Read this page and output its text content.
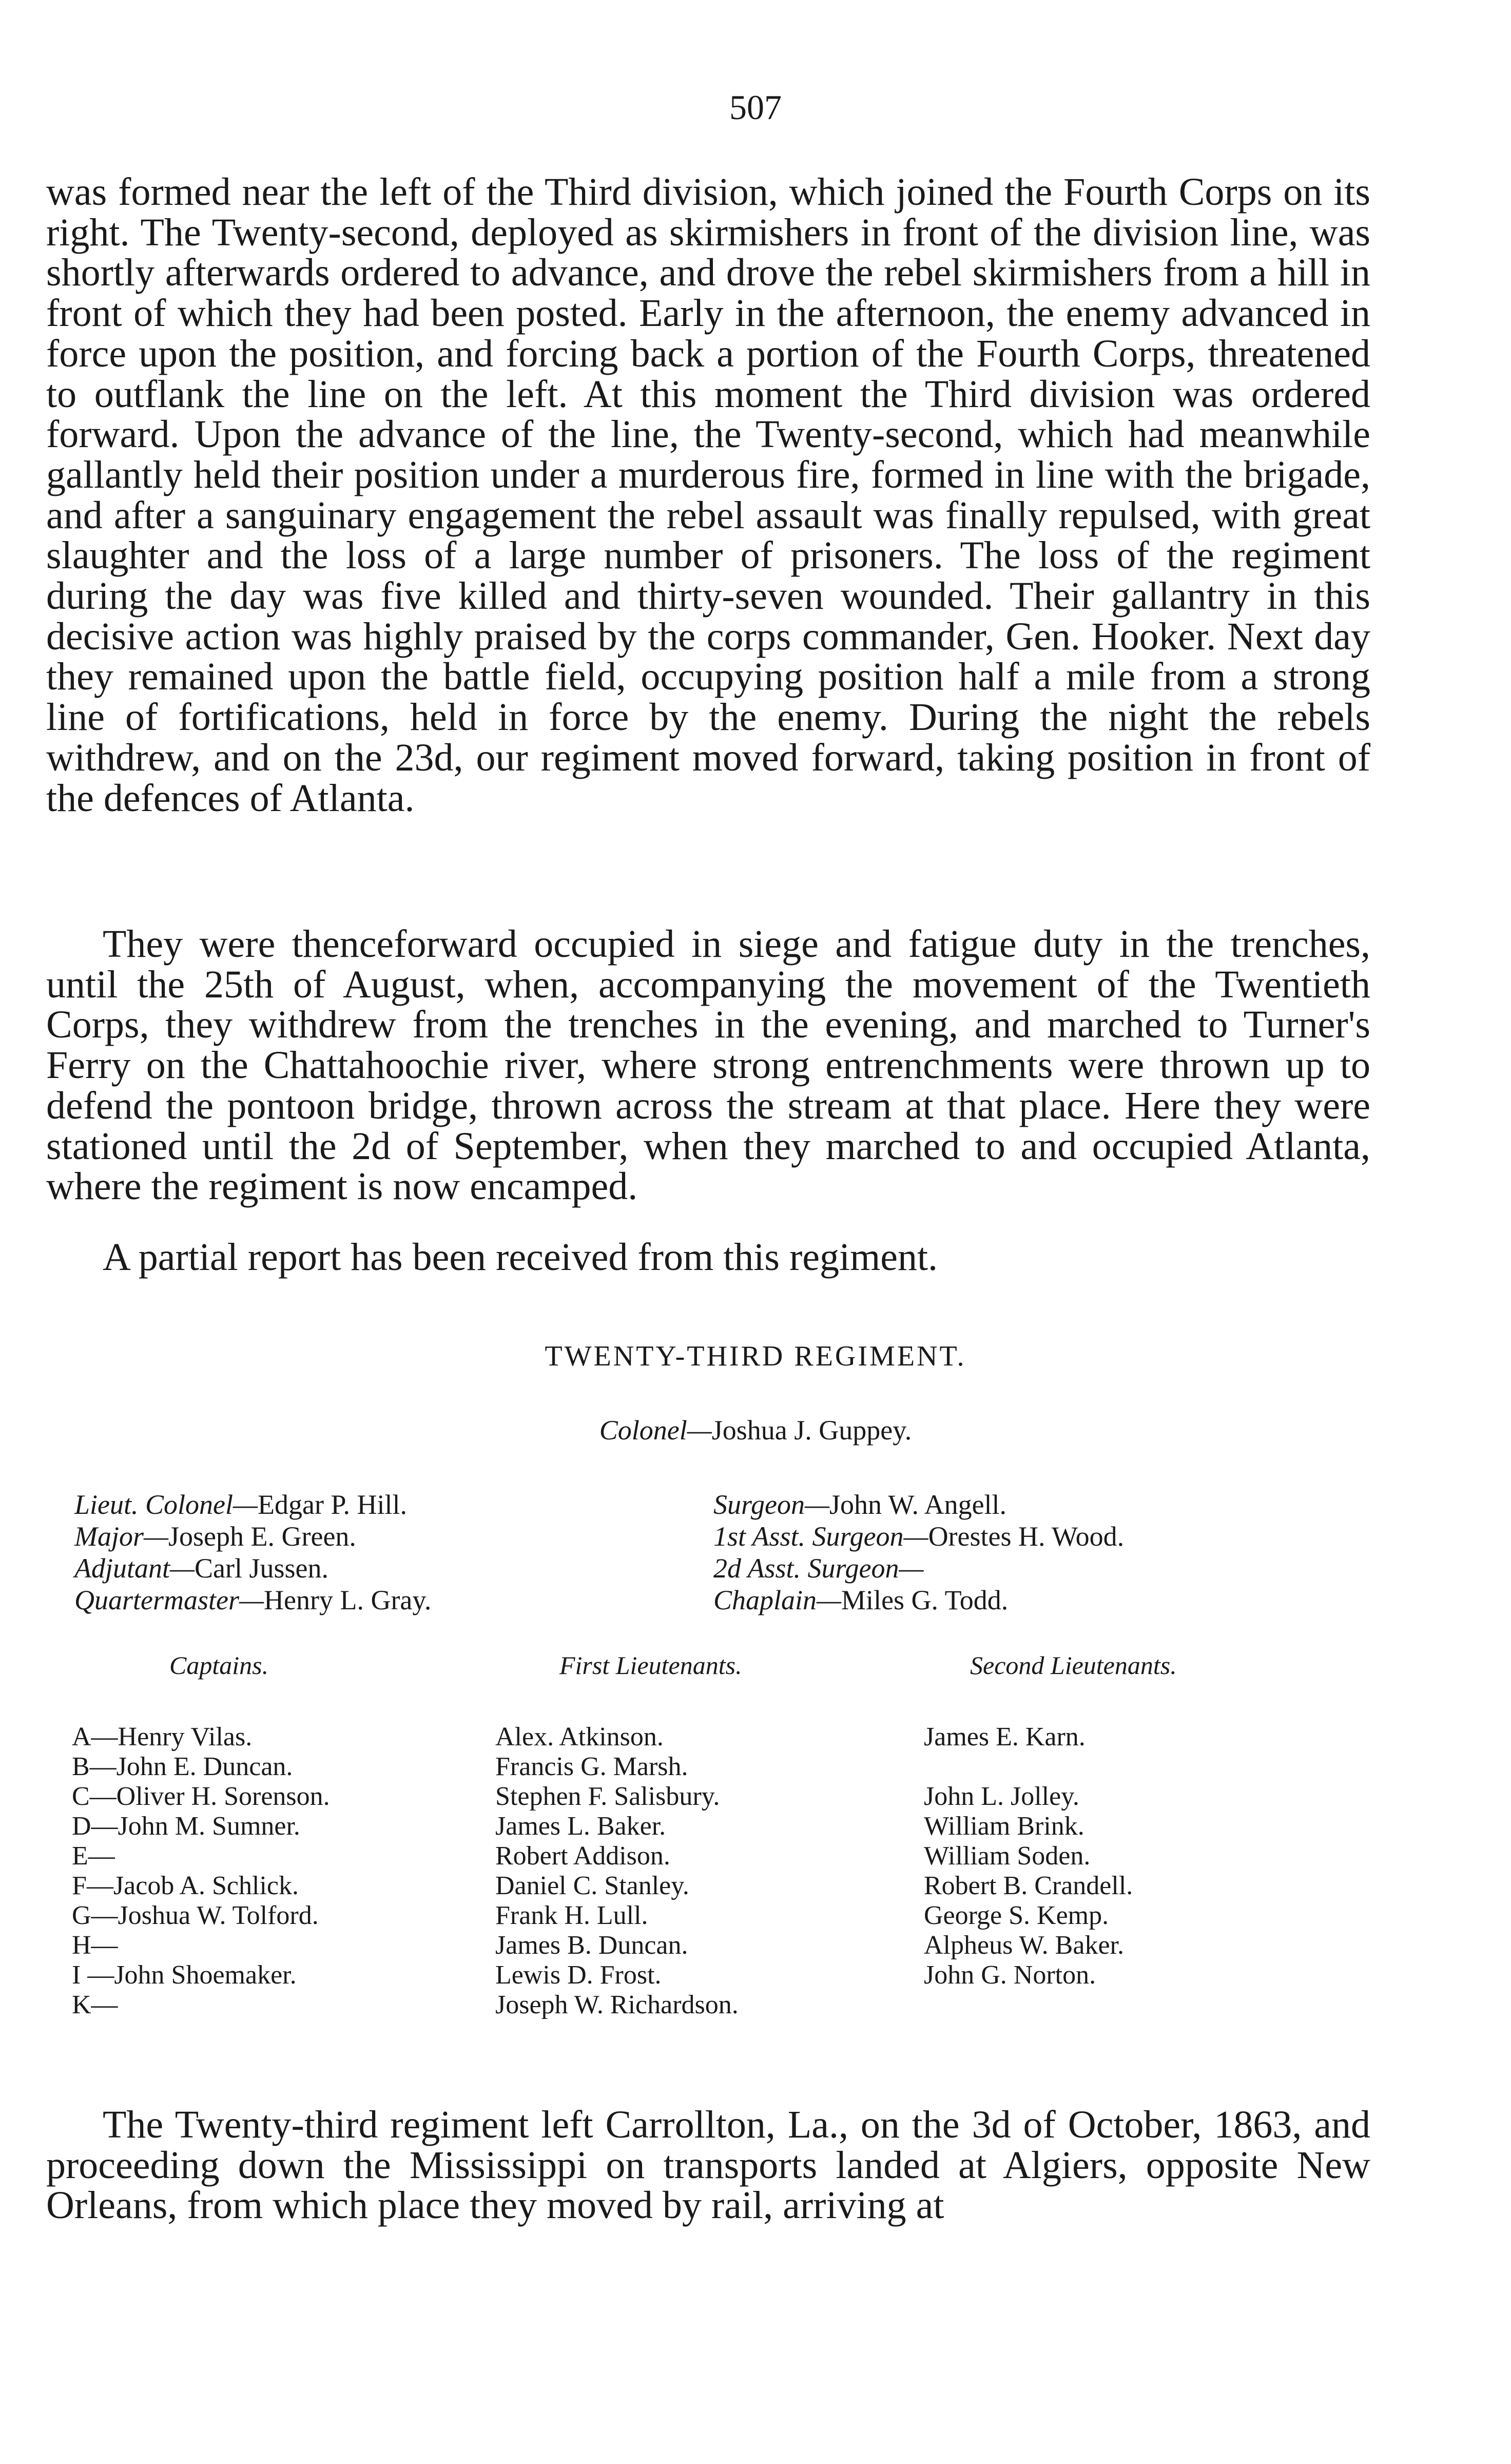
507

was formed near the left of the Third division, which joined the Fourth Corps on its right. The Twenty-second, deployed as skirmishers in front of the division line, was shortly afterwards ordered to advance, and drove the rebel skirmishers from a hill in front of which they had been posted. Early in the afternoon, the enemy advanced in force upon the position, and forcing back a portion of the Fourth Corps, threatened to outflank the line on the left. At this moment the Third division was ordered forward. Upon the advance of the line, the Twenty-second, which had meanwhile gallantly held their position under a murderous fire, formed in line with the brigade, and after a sanguinary engagement the rebel assault was finally repulsed, with great slaughter and the loss of a large number of prisoners. The loss of the regiment during the day was five killed and thirty-seven wounded. Their gallantry in this decisive action was highly praised by the corps commander, Gen. Hooker. Next day they remained upon the battle field, occupying position half a mile from a strong line of fortifications, held in force by the enemy. During the night the rebels withdrew, and on the 23d, our regiment moved forward, taking position in front of the defences of Atlanta.

They were thenceforward occupied in siege and fatigue duty in the trenches, until the 25th of August, when, accompanying the movement of the Twentieth Corps, they withdrew from the trenches in the evening, and marched to Turner's Ferry on the Chattahoochie river, where strong entrenchments were thrown up to defend the pontoon bridge, thrown across the stream at that place. Here they were stationed until the 2d of September, when they marched to and occupied Atlanta, where the regiment is now encamped.

A partial report has been received from this regiment.

TWENTY-THIRD REGIMENT.
Colonel—Joshua J. Guppey.
Lieut. Colonel—Edgar P. Hill.
Major—Joseph E. Green.
Adjutant—Carl Jussen.
Quartermaster—Henry L. Gray.
Surgeon—John W. Angell.
1st Asst. Surgeon—Orestes H. Wood.
2d Asst. Surgeon—
Chaplain—Miles G. Todd.
Captains.	First Lieutenants.	Second Lieutenants.
A—Henry Vilas.
B—John E. Duncan.
C—Oliver H. Sorenson.
D—John M. Sumner.
E—
F—Jacob A. Schlick.
G—Joshua W. Tolford.
H—
I —John Shoemaker.
K—
Alex. Atkinson.
Francis G. Marsh.
Stephen F. Salisbury.
James L. Baker.
Robert Addison.
Daniel C. Stanley.
Frank H. Lull.
James B. Duncan.
Lewis D. Frost.
Joseph W. Richardson.
James E. Karn.
John L. Jolley.
William Brink.
William Soden.
Robert B. Crandell.
George S. Kemp.
Alpheus W. Baker.
John G. Norton.

The Twenty-third regiment left Carrollton, La., on the 3d of October, 1863, and proceeding down the Mississippi on transports landed at Algiers, opposite New Orleans, from which place they moved by rail, arriving at
